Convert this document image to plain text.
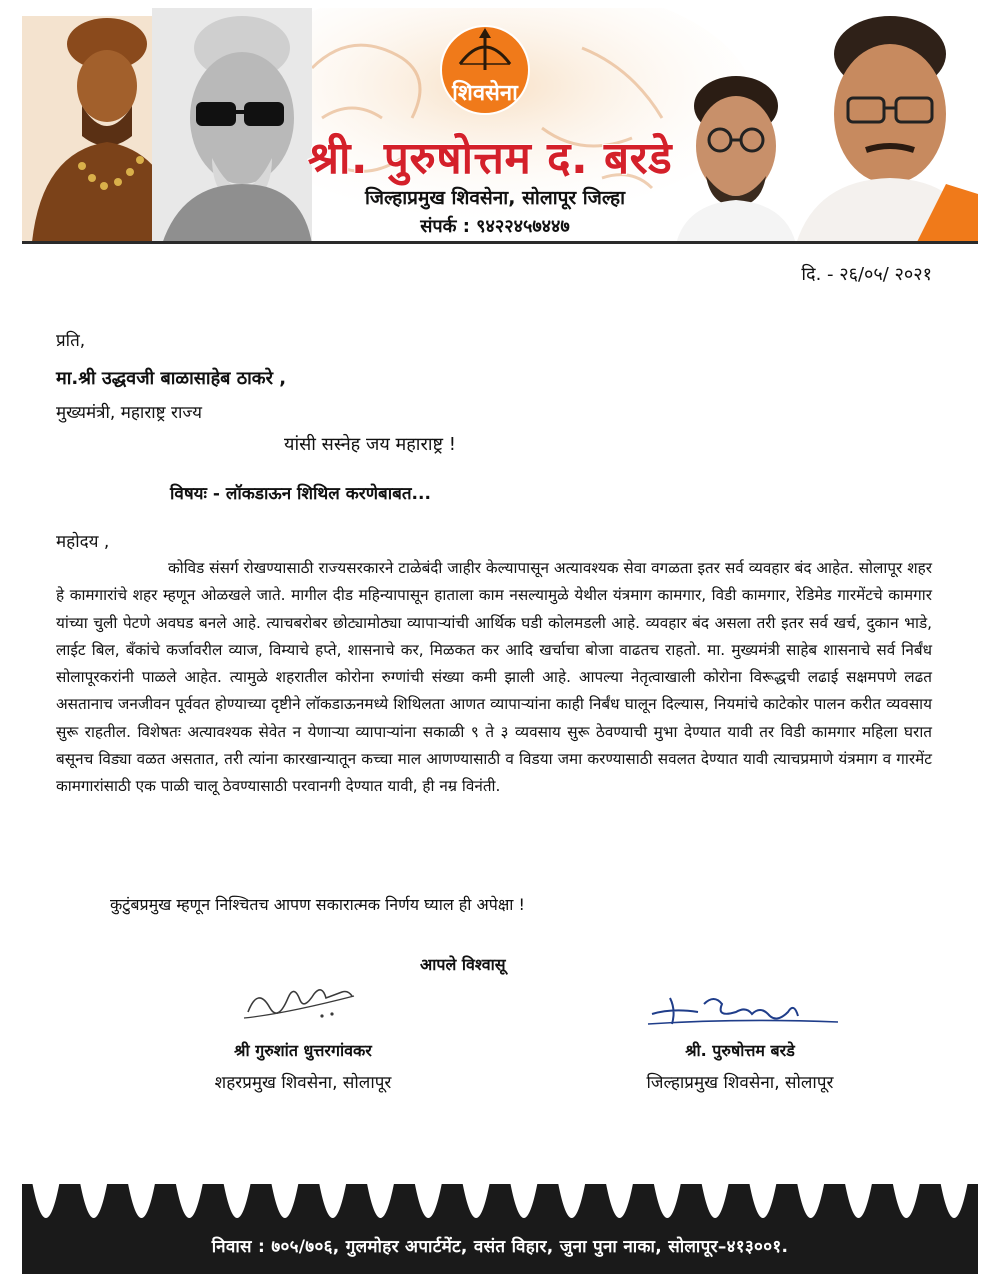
शिवसेना
श्री. पुरुषोत्तम द. बरडे
जिल्हाप्रमुख शिवसेना, सोलापूर जिल्हा
संपर्क : ९४२२४५७४४७
दि. - २६/०५/ २०२१
प्रति,
मा.श्री उद्धवजी बाळासाहेब ठाकरे ,
मुख्यमंत्री, महाराष्ट्र राज्य
यांसी सस्नेह जय महाराष्ट्र !
विषयः - लॉकडाऊन शिथिल करणेबाबत...
महोदय ,

कोविड संसर्ग रोखण्यासाठी राज्यसरकारने टाळेबंदी जाहीर केल्यापासून अत्यावश्यक सेवा वगळता इतर सर्व व्यवहार बंद आहेत. सोलापूर शहर हे कामगारांचे शहर म्हणून ओळखले जाते. मागील दीड महिन्यापासून हाताला काम नसल्यामुळे येथील यंत्रमाग कामगार, विडी कामगार, रेडिमेड गारमेंटचे कामगार यांच्या चुली पेटणे अवघड बनले आहे. त्याचबरोबर छोट्यामोठ्या व्यापाऱ्यांची आर्थिक घडी कोलमडली आहे. व्यवहार बंद असला तरी इतर सर्व खर्च, दुकान भाडे, लाईट बिल, बँकांचे कर्जावरील व्याज, विम्याचे हप्ते, शासनाचे कर, मिळकत कर आदि खर्चाचा बोजा वाढतच राहतो. मा. मुख्यमंत्री साहेब शासनाचे सर्व निर्बंध सोलापूरकरांनी पाळले आहेत. त्यामुळे शहरातील कोरोना रुग्णांची संख्या कमी झाली आहे. आपल्या नेतृत्वाखाली कोरोना विरूद्धची लढाई सक्षमपणे लढत असतानाच जनजीवन पूर्ववत होण्याच्या दृष्टीने लॉकडाऊनमध्ये शिथिलता आणत व्यापाऱ्यांना काही निर्बंध घालून दिल्यास, नियमांचे काटेकोर पालन करीत व्यवसाय सुरू राहतील. विशेषतः अत्यावश्यक सेवेत न येणाऱ्या व्यापाऱ्यांना सकाळी ९ ते ३ व्यवसाय सुरू ठेवण्याची मुभा देण्यात यावी तर विडी कामगार महिला घरात बसूनच विड्या वळत असतात, तरी त्यांना कारखान्यातून कच्चा माल आणण्यासाठी व विडया जमा करण्यासाठी सवलत देण्यात यावी त्याचप्रमाणे यंत्रमाग व गारमेंट कामगारांसाठी एक पाळी चालू ठेवण्यासाठी परवानगी देण्यात यावी, ही नम्र विनंती.

कुटुंबप्रमुख म्हणून निश्चितच आपण सकारात्मक निर्णय घ्याल ही अपेक्षा !
आपले विश्वासू
श्री गुरुशांत धुत्तरगांवकर
शहरप्रमुख शिवसेना, सोलापूर
श्री. पुरुषोत्तम बरडे
जिल्हाप्रमुख शिवसेना, सोलापूर
निवास : ७०५/७०६, गुलमोहर अपार्टमेंट, वसंत विहार, जुना पुना नाका, सोलापूर–४१३००१.
